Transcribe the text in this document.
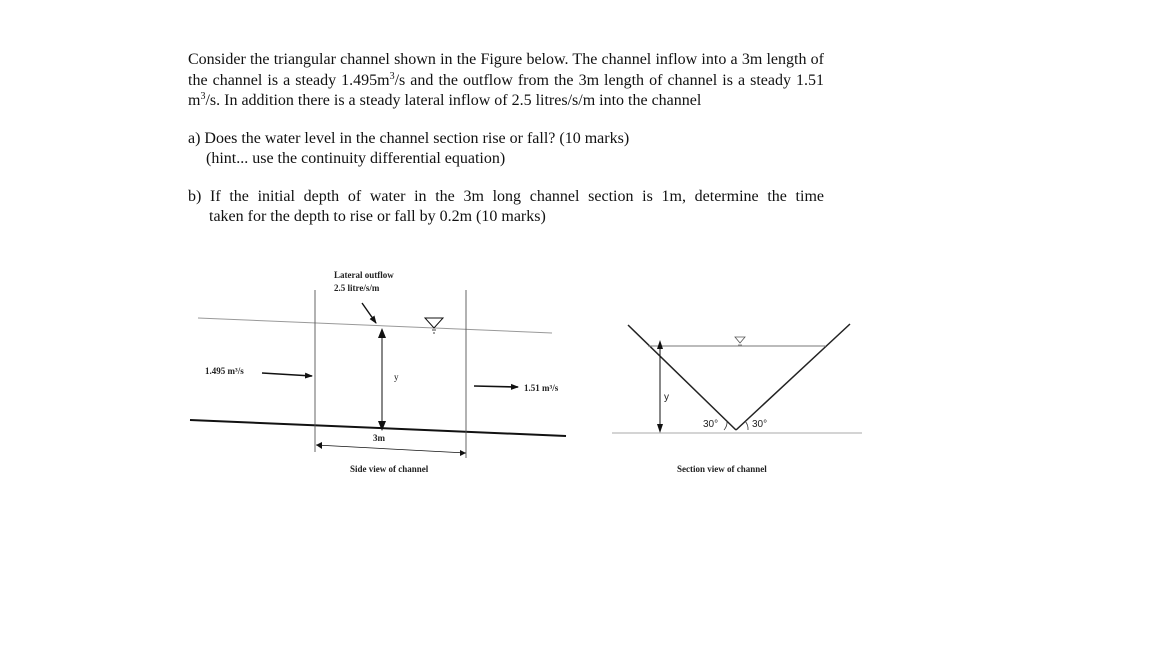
Consider the triangular channel shown in the Figure below. The channel inflow into a 3m length of the channel is a steady $1.495m^3/s$ and the outflow from the 3m length of channel is a steady 1.51 $m^3/s$. In addition there is a steady lateral inflow of 2.5 litres/s/m into the channel

a) Does the water level in the channel section rise or fall? (10 marks)
(hint... use the continuity differential equation)
b) If the initial depth of water in the 3m long channel section is 1m, determine the time
taken for the depth to rise or fall by 0.2m (10 marks)
Lateral outflow
2.5 litre/s/m
y
1.495 m³/s
1.51 m³/s
3m
Side view of channel
y
30°	30°
Section view of channel
